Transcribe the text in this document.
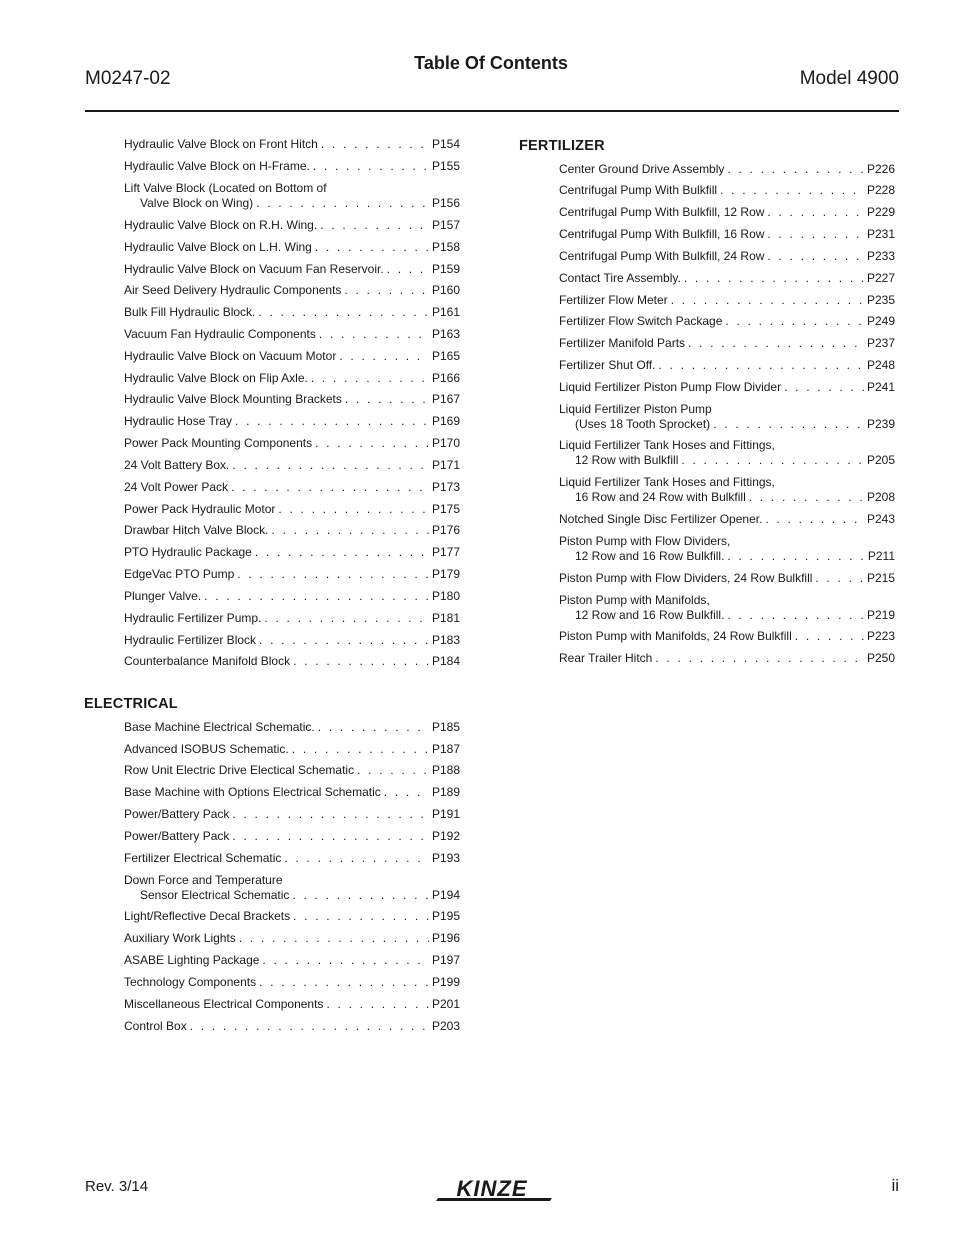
M0247-02
Table Of Contents
Model 4900
Hydraulic Valve Block on Front Hitch . . .	P154
Hydraulic Valve Block on H-Frame. . . .	P155
Lift Valve Block (Located on Bottom of
Valve Block on Wing) . . .	P156
Hydraulic Valve Block on R.H. Wing. . . .	P157
Hydraulic Valve Block on L.H. Wing . . .	P158
Hydraulic Valve Block on Vacuum Fan Reservoir. . . .	P159
Air Seed Delivery Hydraulic Components . . .	P160
Bulk Fill Hydraulic Block. . . .	P161
Vacuum Fan Hydraulic Components . . .	P163
Hydraulic Valve Block on Vacuum Motor . . .	P165
Hydraulic Valve Block on Flip Axle. . . .	P166
Hydraulic Valve Block Mounting Brackets . . .	P167
Hydraulic Hose Tray . . .	P169
Power Pack Mounting Components . . .	P170
24 Volt Battery Box. . . .	P171
24 Volt Power Pack . . .	P173
Power Pack Hydraulic Motor . . .	P175
Drawbar Hitch Valve Block. . . .	P176
PTO Hydraulic Package . . .	P177
EdgeVac PTO Pump . . .	P179
Plunger Valve. . . .	P180
Hydraulic Fertilizer Pump. . . .	P181
Hydraulic Fertilizer Block . . .	P183
Counterbalance Manifold Block . . .	P184
ELECTRICAL
Base Machine Electrical Schematic. . . .	P185
Advanced ISOBUS Schematic. . . .	P187
Row Unit Electric Drive Electical Schematic . . .	P188
Base Machine with Options Electrical Schematic . . .	P189
Power/Battery Pack . . .	P191
Power/Battery Pack . . .	P192
Fertilizer Electrical Schematic . . .	P193
Down Force and Temperature
Sensor Electrical Schematic . . .	P194
Light/Reflective Decal Brackets . . .	P195
Auxiliary Work Lights . . .	P196
ASABE Lighting Package . . .	P197
Technology Components . . .	P199
Miscellaneous Electrical Components . . .	P201
Control Box . . .	P203
FERTILIZER
Center Ground Drive Assembly . . .	P226
Centrifugal Pump With Bulkfill . . .	P228
Centrifugal Pump With Bulkfill, 12 Row . . .	P229
Centrifugal Pump With Bulkfill, 16 Row . . .	P231
Centrifugal Pump With Bulkfill, 24 Row . . .	P233
Contact Tire Assembly. . . .	P227
Fertilizer Flow Meter . . .	P235
Fertilizer Flow Switch Package . . .	P249
Fertilizer Manifold Parts . . .	P237
Fertilizer Shut Off. . . .	P248
Liquid Fertilizer Piston Pump Flow Divider . . .	P241
Liquid Fertilizer Piston Pump
(Uses 18 Tooth Sprocket) . . .	P239
Liquid Fertilizer Tank Hoses and Fittings,
12 Row with Bulkfill . . .	P205
Liquid Fertilizer Tank Hoses and Fittings,
16 Row and 24 Row with Bulkfill . . .	P208
Notched Single Disc Fertilizer Opener. . . .	P243
Piston Pump with Flow Dividers,
12 Row and 16 Row Bulkfill. . . .	P211
Piston Pump with Flow Dividers, 24 Row Bulkfill . . .	P215
Piston Pump with Manifolds,
12 Row and 16 Row Bulkfill. . . .	P219
Piston Pump with Manifolds, 24 Row Bulkfill . . .	P223
Rear Trailer Hitch . . .	P250
Rev. 3/14	KINZE	ii
